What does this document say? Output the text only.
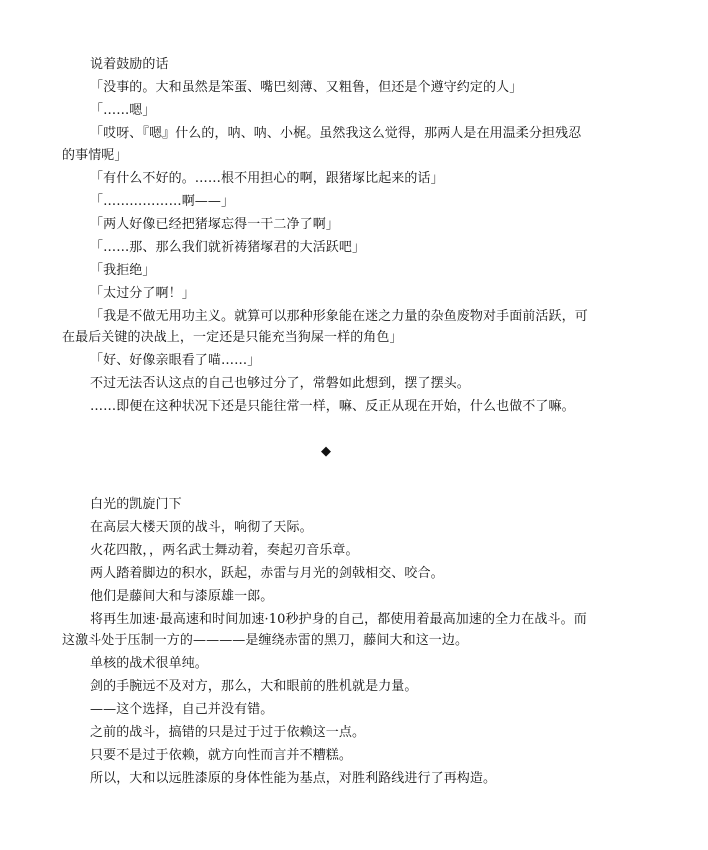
说着鼓励的话

「没事的。大和虽然是笨蛋、嘴巴刻薄、又粗鲁，但还是个遵守约定的人」

「……嗯」

「哎呀、『嗯』什么的，呐、呐、小梶。虽然我这么觉得，那两人是在用温柔分担残忍的事情呢」

「有什么不好的。……根不用担心的啊，跟猪塚比起来的话」

「………………啊——」

「两人好像已经把猪塚忘得一干二净了啊」

「……那、那么我们就祈祷猪塚君的大活跃吧」

「我拒绝」

「太过分了啊！」

「我是不做无用功主义。就算可以那种形象能在迷之力量的杂鱼废物对手面前活跃，可在最后关键的决战上，一定还是只能充当狗屎一样的角色」

「好、好像亲眼看了喵……」

不过无法否认这点的自己也够过分了，常磐如此想到，摆了摆头。

……即便在这种状况下还是只能往常一样，嘛、反正从现在开始，什么也做不了嘛。

◆

白光的凯旋门下

在高层大楼天顶的战斗，响彻了天际。

火花四散，，两名武士舞动着，奏起刃音乐章。

两人踏着脚边的积水，跃起，赤雷与月光的剑戟相交、咬合。

他们是藤间大和与漆原雄一郎。

将再生加速·最高速和时间加速·10秒护身的自己，都使用着最高加速的全力在战斗。而这激斗处于压制一方的————是缠绕赤雷的黑刀，藤间大和这一边。

单核的战术很单纯。

剑的手腕远不及对方，那么，大和眼前的胜机就是力量。

——这个选择，自己并没有错。

之前的战斗，搞错的只是过于过于依赖这一点。

只要不是过于依赖，就方向性而言并不糟糕。

所以，大和以远胜漆原的身体性能为基点，对胜利路线进行了再构造。
